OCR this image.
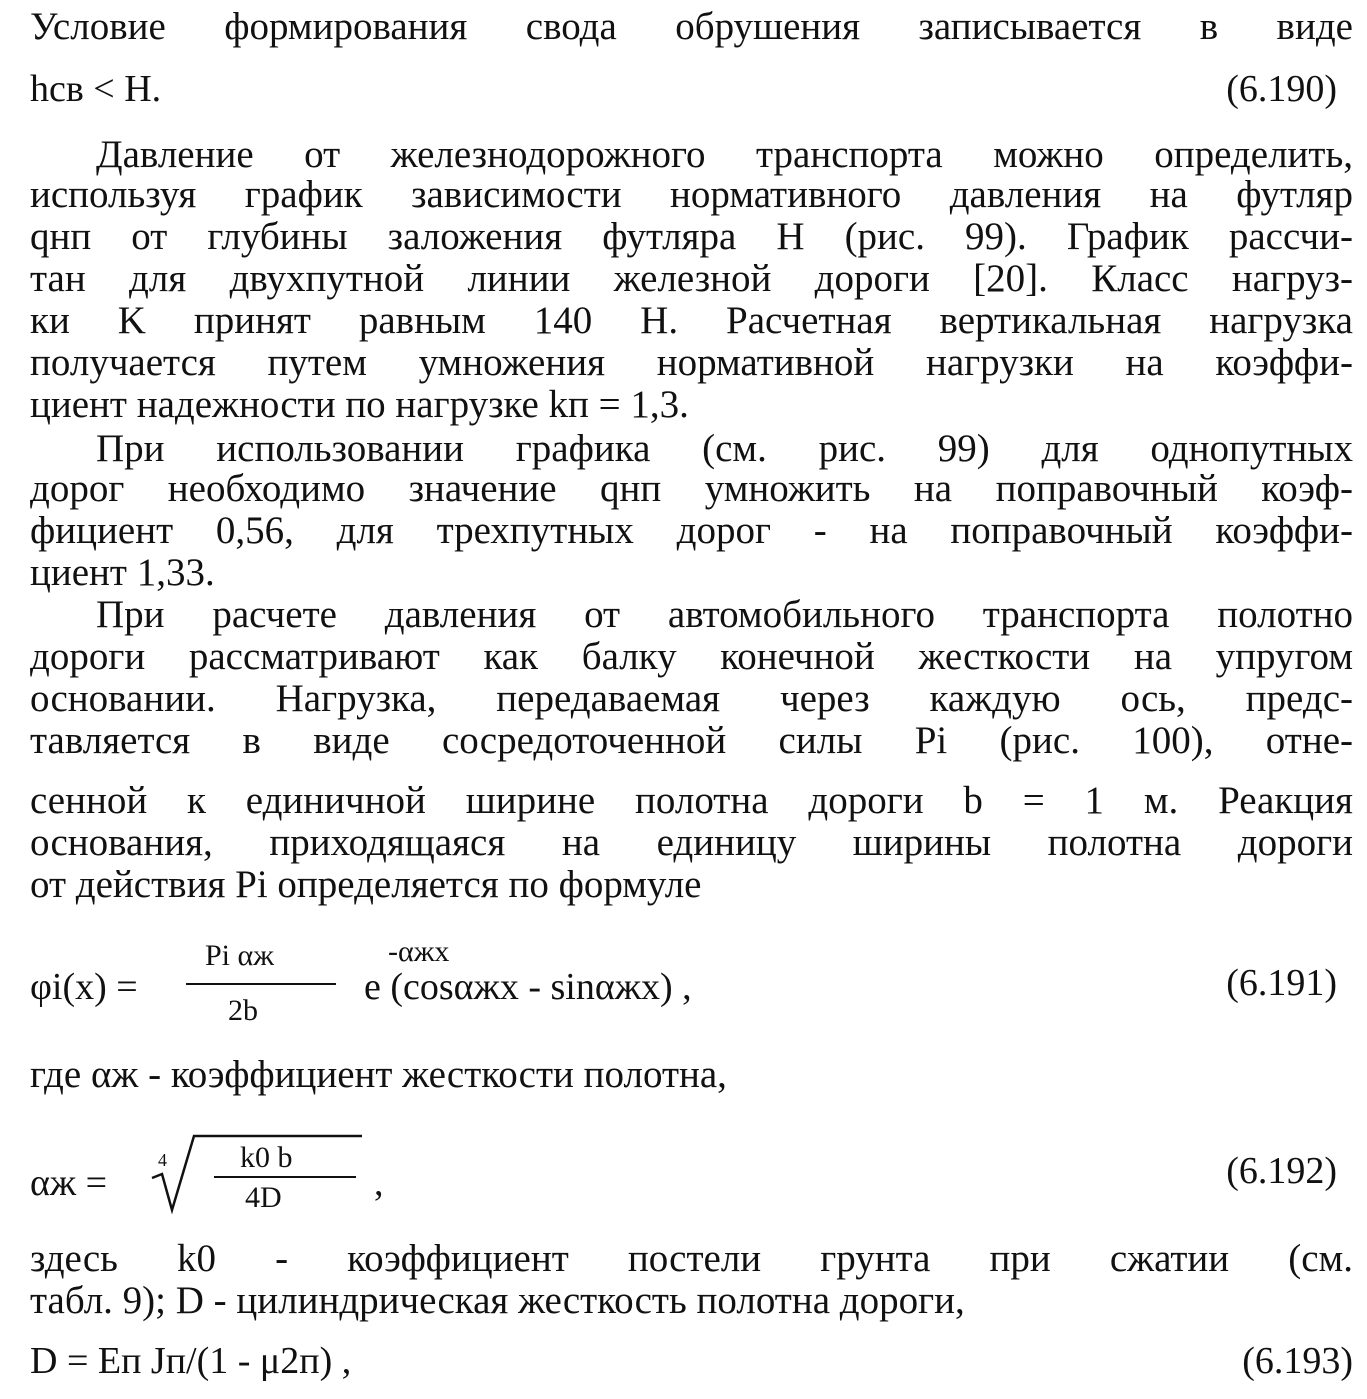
Условие формирования свода обрушения записывается в виде
hсв < H.	(6.190)
Давление от железнодорожного транспорта можно определить,
используя график зависимости нормативного давления на футляр
qнп от глубины заложения футляра H (рис. 99). График рассчи-
тан для двухпутной линии железной дороги [20]. Класс нагруз-
ки K принят равным 140 Н. Расчетная вертикальная нагрузка
получается путем умножения нормативной нагрузки на коэффи-
циент надежности по нагрузке kп = 1,3.
При использовании графика (см. рис. 99) для однопутных
дорог необходимо значение qнп умножить на поправочный коэф-
фициент 0,56, для трехпутных дорог - на поправочный коэффи-
циент 1,33.
При расчете давления от автомобильного транспорта полотно
дороги рассматривают как балку конечной жесткости на упругом
основании. Нагрузка, передаваемая через каждую ось, предс-
тавляется в виде сосредоточенной силы Pi (рис. 100), отне-
сенной к единичной ширине полотна дороги b = 1 м. Реакция
основания, приходящаяся на единицу ширины полотна дороги
от действия Pi определяется по формуле
φi(x) =
Pi αж
2b
-αжx
e (cosαжx - sinαжx) ,	(6.191)
где αж - коэффициент жесткости полотна,
αж =
4 k0 b
4D ,	(6.192)
здесь k0 - коэффициент постели грунта при сжатии (см.
табл. 9); D - цилиндрическая жесткость полотна дороги,
D = Eп Jп/(1 - μ2п) ,	(6.193)
